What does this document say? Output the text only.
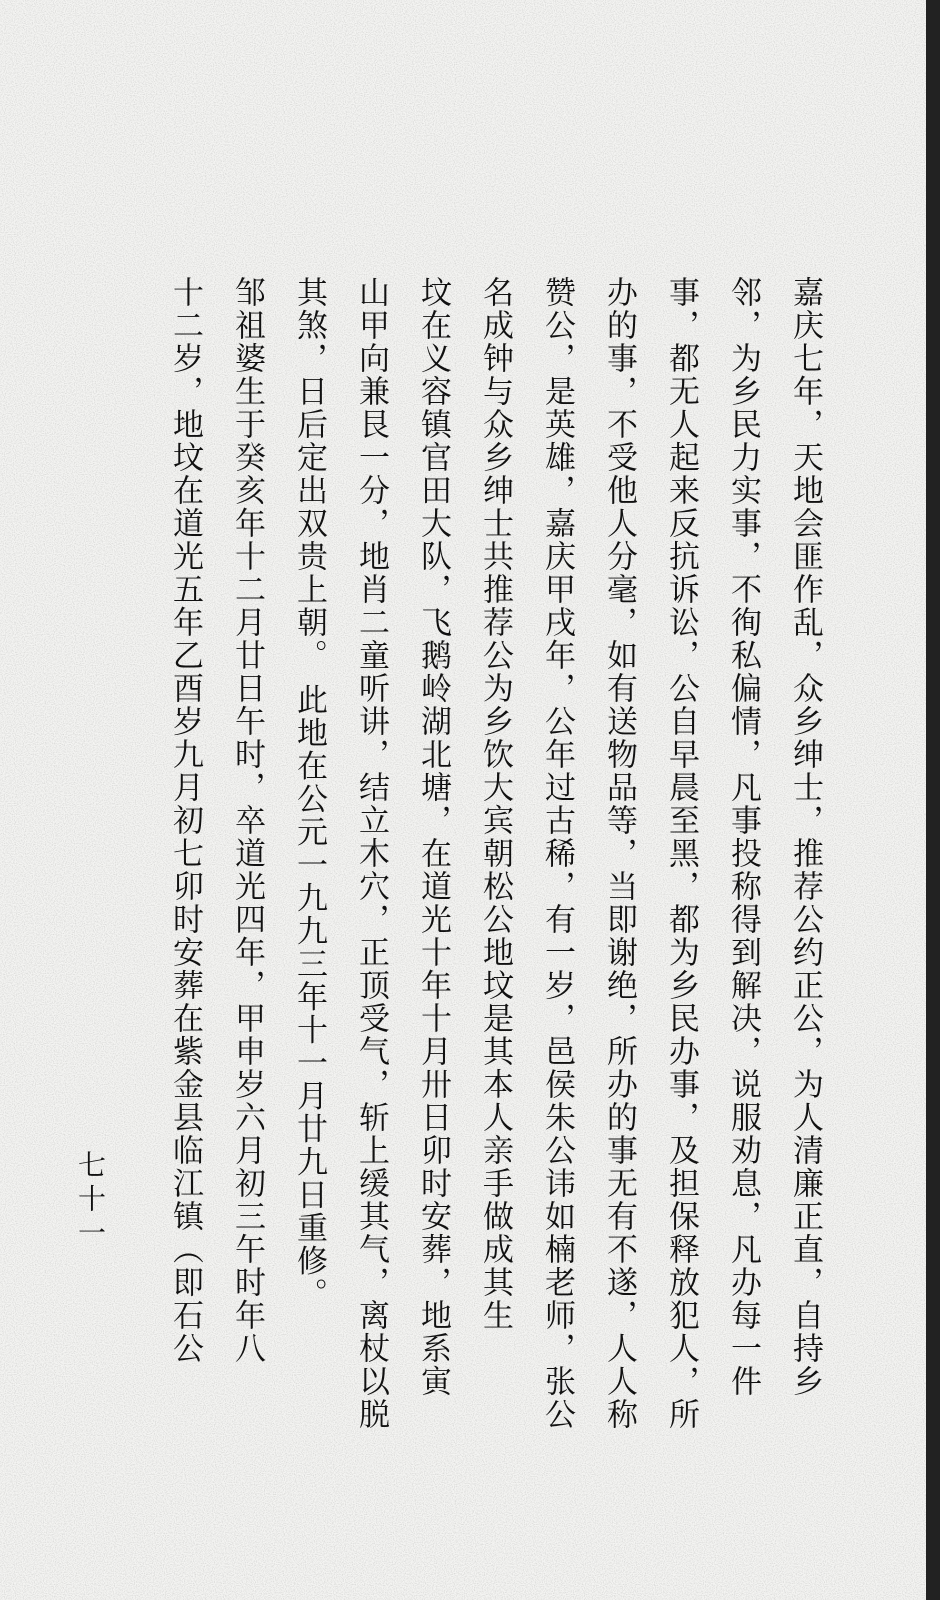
嘉庆七年，天地会匪作乱，众乡绅士，推荐公约正公，为人清廉正直，自持乡
邻，为乡民力实事，不徇私偏情，凡事投称得到解决，说服劝息，凡办每一件
事，都无人起来反抗诉讼，公自早晨至黑，都为乡民办事，及担保释放犯人，所
办的事，不受他人分毫，如有送物品等，当即谢绝，所办的事无有不遂，人人称
赞公，是英雄，嘉庆甲戌年，公年过古稀，有一岁，邑侯朱公讳如楠老师，张公
名成钟与众乡绅士共推荐公为乡饮大宾朝松公地坟是其本人亲手做成其生
坟在义容镇官田大队，飞鹅岭湖北塘，在道光十年十月卅日卯时安葬，地系寅
山甲向兼艮一分，地肖二童听讲，结立木穴，正顶受气，斩上缓其气，离杖以脱
其煞，日后定出双贵上朝。 此地在公元一九九三年十一月廿九日重修。
邹祖婆生于癸亥年十二月廿日午时，卒道光四年，甲申岁六月初三午时年八
十二岁，地坟在道光五年乙酉岁九月初七卯时安葬在紫金县临江镇（即石公
七十一
